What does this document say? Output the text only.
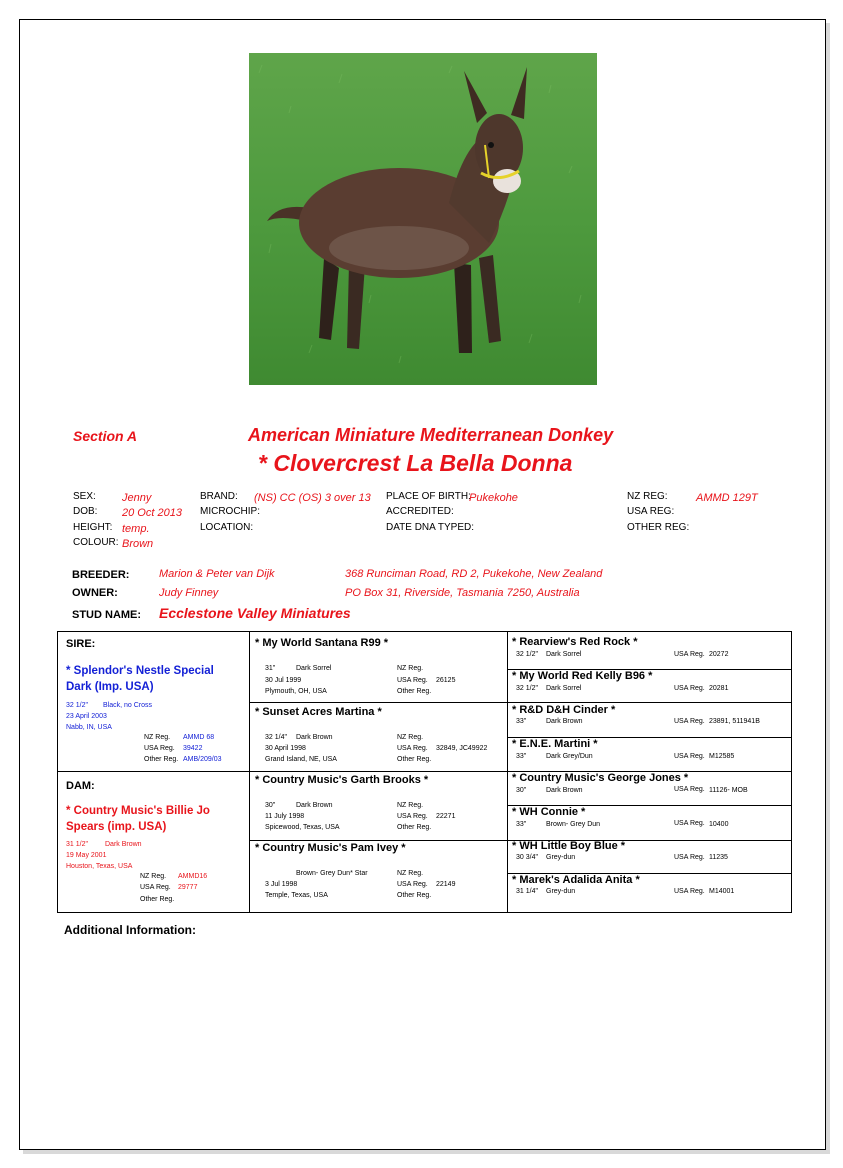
Section A	American Miniature Mediterranean Donkey
* Clovercrest La Bella Donna
SEX: Jenny
DOB: 20 Oct 2013
HEIGHT: temp.
COLOUR: Brown
BRAND: (NS) CC (OS) 3 over 13
MICROCHIP:
LOCATION:
PLACE OF BIRTH:
Pukekohe
ACCREDITED:
DATE DNA TYPED:
NZ REG:	AMMD 129T
USA REG:
OTHER REG:
BREEDER:	Marion & Peter van Dijk	368 Runciman Road, RD 2, Pukekohe, New Zealand
OWNER:	Judy Finney	PO Box 31, Riverside, Tasmania 7250, Australia
STUD NAME: Ecclestone Valley Miniatures
SIRE:
* Splendor's Nestle Special Dark (Imp. USA)
32 1/2" Black, no Cross
23 April 2003
Nabb, IN, USA
NZ Reg. AMMD 68
USA Reg. 39422
Other Reg. AMB/209/03
DAM:
* Country Music's Billie Jo Spears (imp. USA)
31 1/2" Dark Brown
19 May 2001
Houston, Texas, USA
NZ Reg. AMMD16
USA Reg. 29777
Other Reg.
* My World Santana R99 *
31"	Dark Sorrel
30 Jul 1999
Plymouth, OH, USA
NZ Reg.
USA Reg. 26125
Other Reg.
* Sunset Acres Martina *
32 1/4" Dark Brown
30 April 1998
Grand Island, NE, USA
NZ Reg.
USA Reg. 32849, JC49922
Other Reg.
* Country Music's Garth Brooks *
30"	Dark Brown
11 July 1998
Spicewood, Texas, USA
NZ Reg.
USA Reg. 22271
Other Reg.
* Country Music's Pam Ivey *
Brown- Grey Dun* Star
3 Jul 1998
Temple, Texas, USA
NZ Reg.
USA Reg. 22149
Other Reg.
* Rearview's Red Rock *
32 1/2" Dark Sorrel	USA Reg. 20272
* My World Red Kelly B96 *
32 1/2" Dark Sorrel	USA Reg. 20281
* R&D D&H Cinder *
33"	Dark Brown	USA Reg. 23891, 511941B
* E.N.E. Martini *
33"	Dark Grey/Dun	USA Reg. M12585
* Country Music's George Jones *
30"	Dark Brown	USA Reg. 11126- MOB
* WH Connie *
33"	Brown- Grey Dun	USA Reg. 10400
* WH Little Boy Blue *
30 3/4" Grey-dun	USA Reg. 11235
* Marek's Adalida Anita *
31 1/4" Grey-dun	USA Reg. M14001
Additional Information:
